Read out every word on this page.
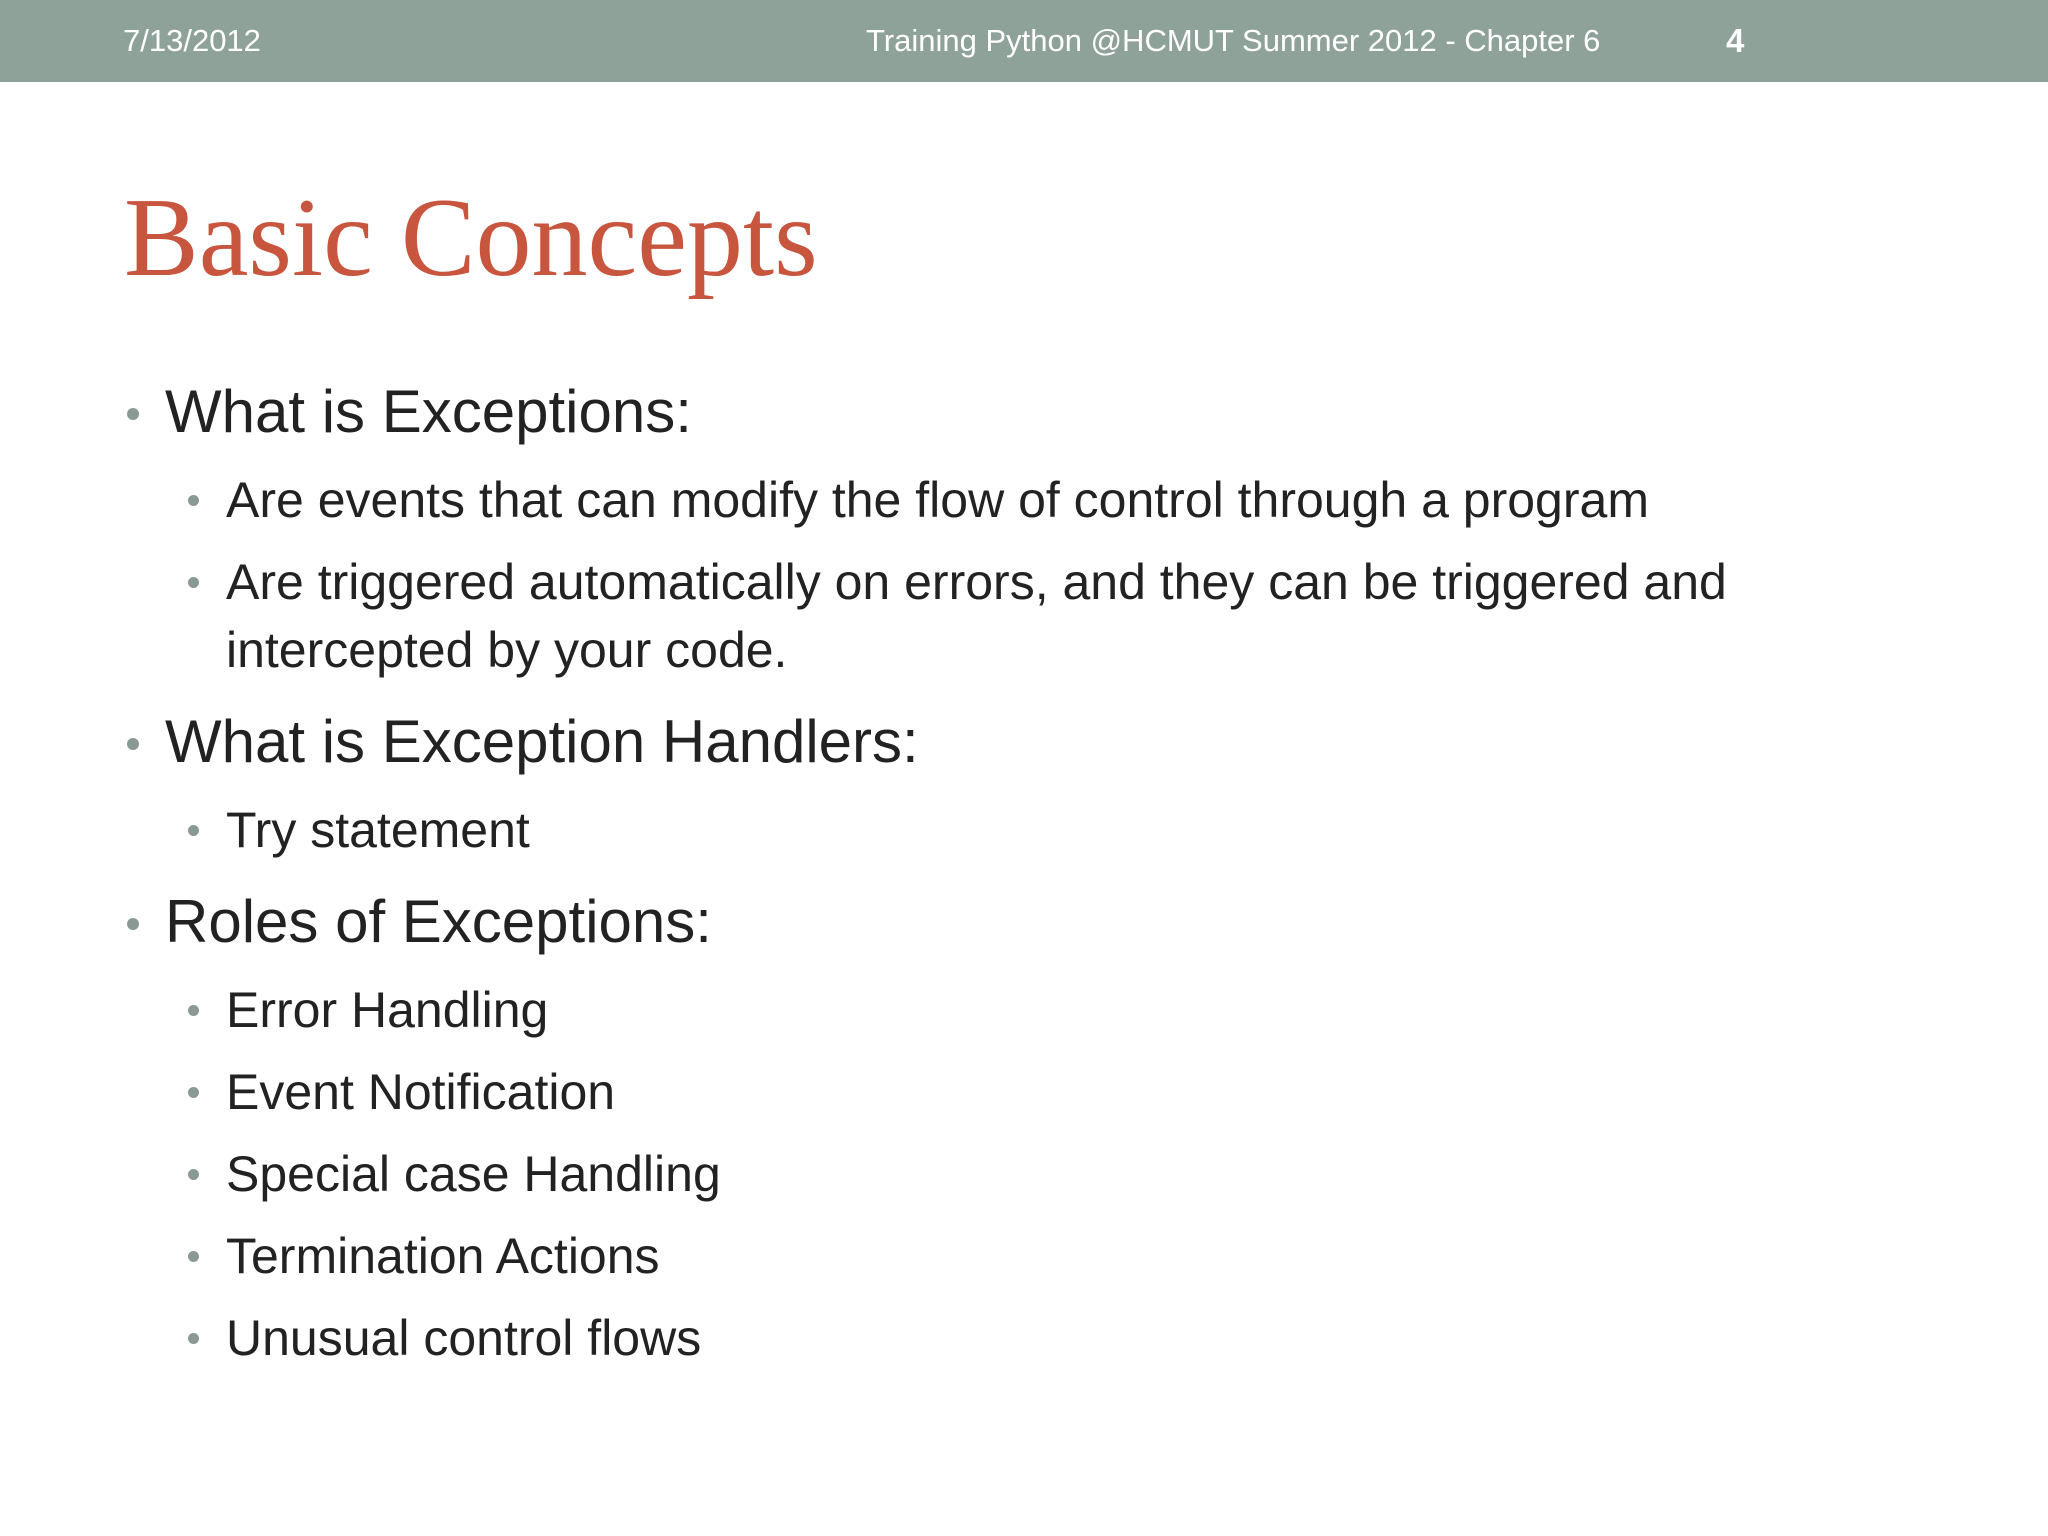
7/13/2012	Training Python @HCMUT Summer 2012 - Chapter 6	4
Basic Concepts
What is Exceptions:
Are events that can modify the flow of control through a program
Are triggered automatically on errors, and they can be triggered and
intercepted by your code.
What is Exception Handlers:
Try statement
Roles of Exceptions:
Error Handling
Event Notification
Special case Handling
Termination Actions
Unusual control flows
